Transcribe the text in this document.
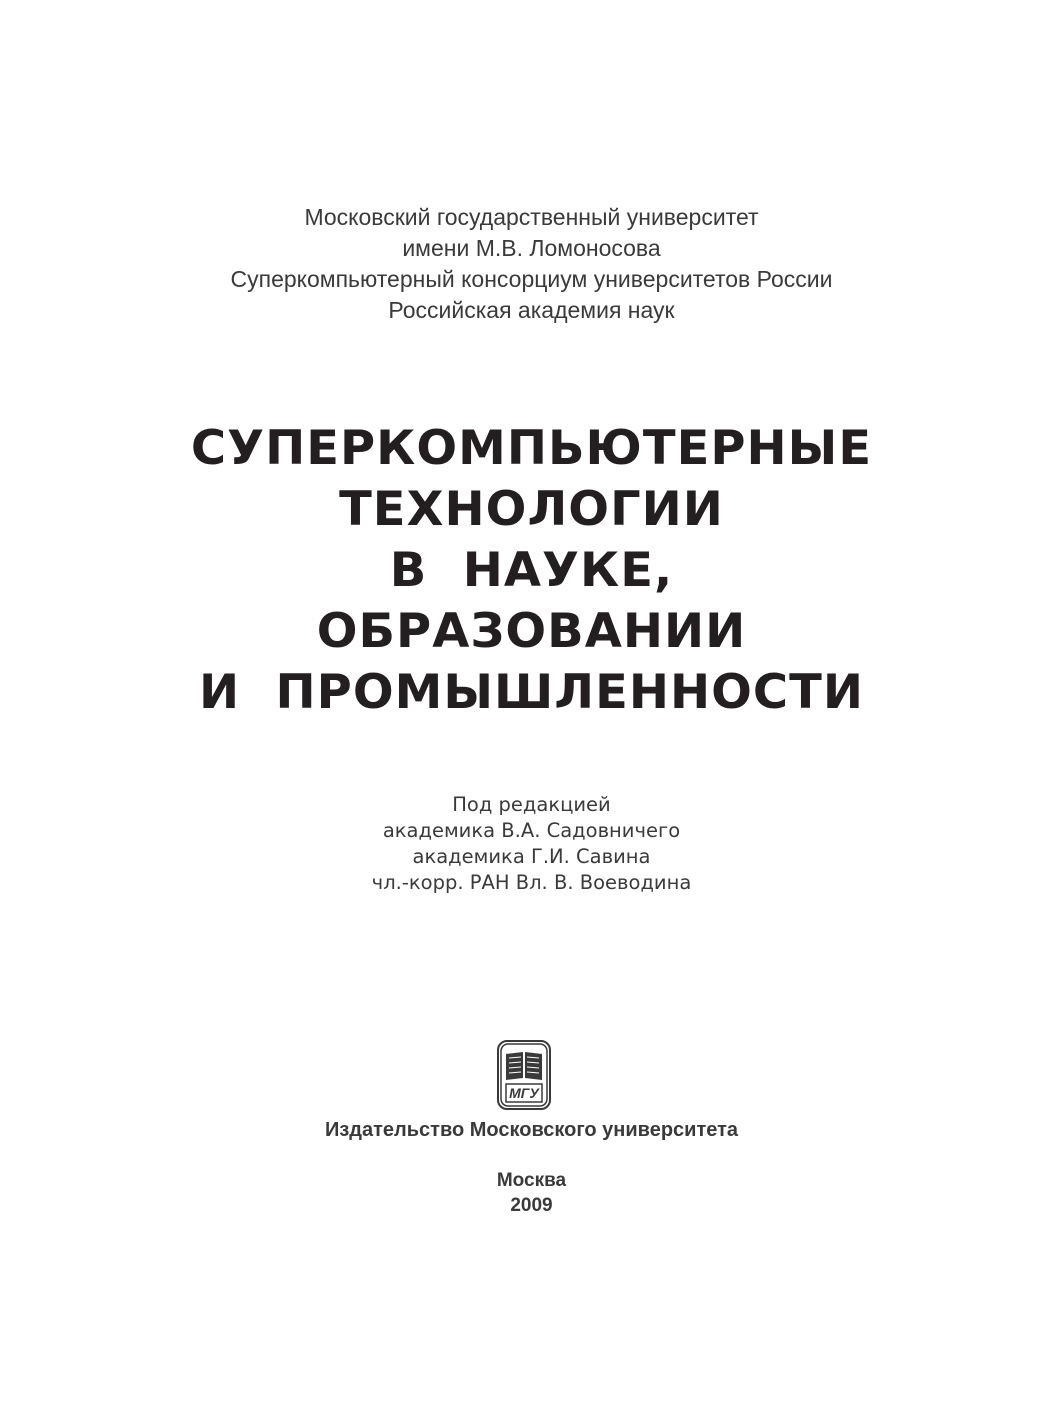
Московский государственный университет
имени М.В. Ломоносова
Суперкомпьютерный консорциум университетов России
Российская академия наук
СУПЕРКОМПЬЮТЕРНЫЕ
ТЕХНОЛОГИИ
В  НАУКЕ,
ОБРАЗОВАНИИ
И  ПРОМЫШЛЕННОСТИ
Под редакцией
академика В.А. Садовничего
академика Г.И. Савина
чл.-корр. РАН Вл. В. Воеводина
МГУ
Издательство Московского университета
Москва
2009
